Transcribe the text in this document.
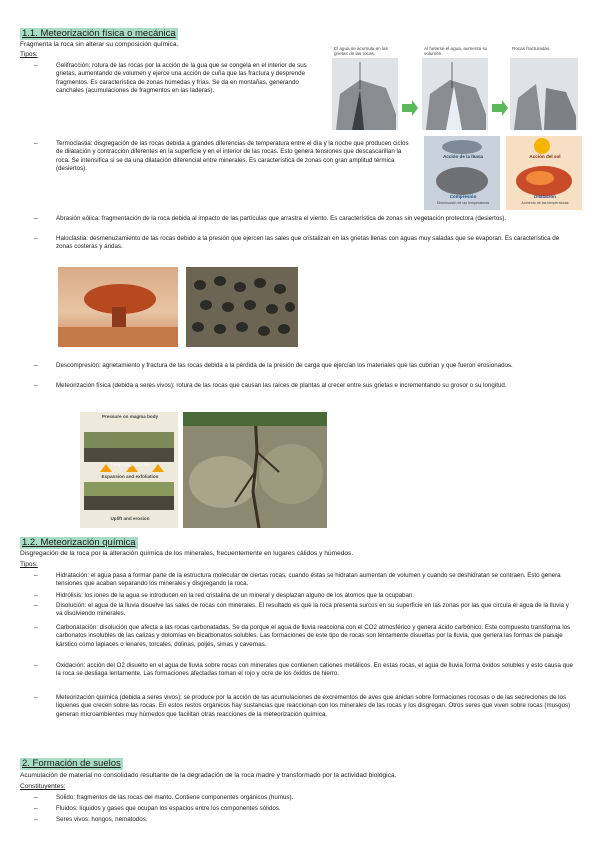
1.1. Meteorización física o mecánica
Fragmenta la roca sin alterar su composición química.
Tipos:
–	Gelifracción: rotura de las rocas por la acción de la gua que se congela en el interior de sus grietas, aumentando de volumen y ejerce una acción de cuña que las fractura y desprende fragmentos. Es característica de zonas húmedas y frías. Se da en montañas, generando canchales (acumulaciones de fragmentos en las laderas).
El agua se acumula en las grietas de las rocas.
Al helarse el agua, aumenta su volumen.
Rocas fracturadas.
–	Termoclastia: disgregación de las rocas debida a grandes diferencias de temperatura entre el día y la noche que producen ciclos de dilatación y contracción diferentes en la superficie y en el interior de las rocas. Esto genera tensiones que descascarillan la roca. Se intensifica si se da una dilatación diferencial entre minerales. Es característica de zonas con gran amplitud térmica (desiertos).
Acción de la lluvia	Acción del sol
Compresión
Disminución de las temperaturas
Dilatación
Aumento de las temperaturas
–	Abrasión eólica: fragmentación de la roca debida al impacto de las partículas que arrastra el viento. Es característica de zonas sin vegetación protectora (desiertos).
–	Haloclastia: desmenuzamiento de las rocas debido a la presión que ejercen las sales que cristalizan en las grietas llenas con aguas muy saladas que se evaporan. Es característica de zonas costeras y áridas.
–	Descompresión: agrietamiento y fractura de las rocas debida a la pérdida de la presión de carga que ejercían los materiales que las cubrían y que fueron erosionados.
–	Meteorización física (debida a seres vivos): rotura de las rocas que causan las raíces de plantas al crecer entre sus grietas e incrementando su grosor o su longitud.
Pressure on magma body
Deep magma body
Expansion and exfoliation
Uplift and erosion
1.2. Meteorización química
Disgregación de la roca por la alteración química de los minerales, frecuentemente en lugares cálidos y húmedos.
Tipos:
–	Hidratación: el agua pasa a formar parte de la estructura molecular de ciertas rocas, cuando éstas se hidratan aumentan de volumen y cuando se deshidratan se contraen. Esto genera tensiones que acaban separando los minerales y disgregando la roca.
–	Hidrólisis: los iones de la agua se introducen en la red cristalina de un mineral y desplazan alguno de los átomos que la ocupaban.
–	Disolución: el agua de la lluvia disuelve las sales de rocas con minerales. El resultado es que la roca presenta surcos en su superficie en las zonas por las que circula el agua de la lluvia y va disolviendo minerales.
–	Carbonatación: disolución que afecta a las rocas carbonatadas. Se da porque el agua de lluvia reacciona con el CO2 atmosférico y genera ácido carbónico. Este compuesto transforma los carbonatos insolubles de las calizas y dolomías en bicarbonatos solubles. Las formaciones de este tipo de rocas son lentamente disueltas por la lluvia, que genera las formas de paisaje kárstico como lapiaces o lenares, torcales, dolinas, poljés, simas y cavernas.
–	Oxidación: acción del O2 disuelto en el agua de lluvia sobre rocas con minerales que contienen cationes metálicos. En estas rocas, el agua de lluvia forma óxidos solubles y esto causa que la roca se desliaga lentamente. Las formaciones afectadas toman el rojo y ocre de los óxidos de hierro.
–	Meteorización química (debida a seres vivos): se produce por la acción de las acumulaciones de excrementos de aves que anidan sobre formaciones rocosas o de las secreciones de los líquenes que crecen sobre las rocas. En estos restos orgánicos hay sustancias que reaccionan con los minerales de las rocas y los disgregan. Otros seres que viven sobre rocas (musgos) generan microambientes muy húmedos que facilitan otras reacciones de la meteorización química.
2. Formación de suelos
Acumulación de material no consolidado resultante de la degradación de la roca madre y transformado por la actividad biológica.
Constituyentes:
–	Sólido: fragmentos de las rocas del manto. Contiene componentes orgánicos (humus).
–	Fluidos: líquidos y gases que ocupan los espacios entre los componentes sólidos.
–	Seres vivos: hongos, nematodos.
